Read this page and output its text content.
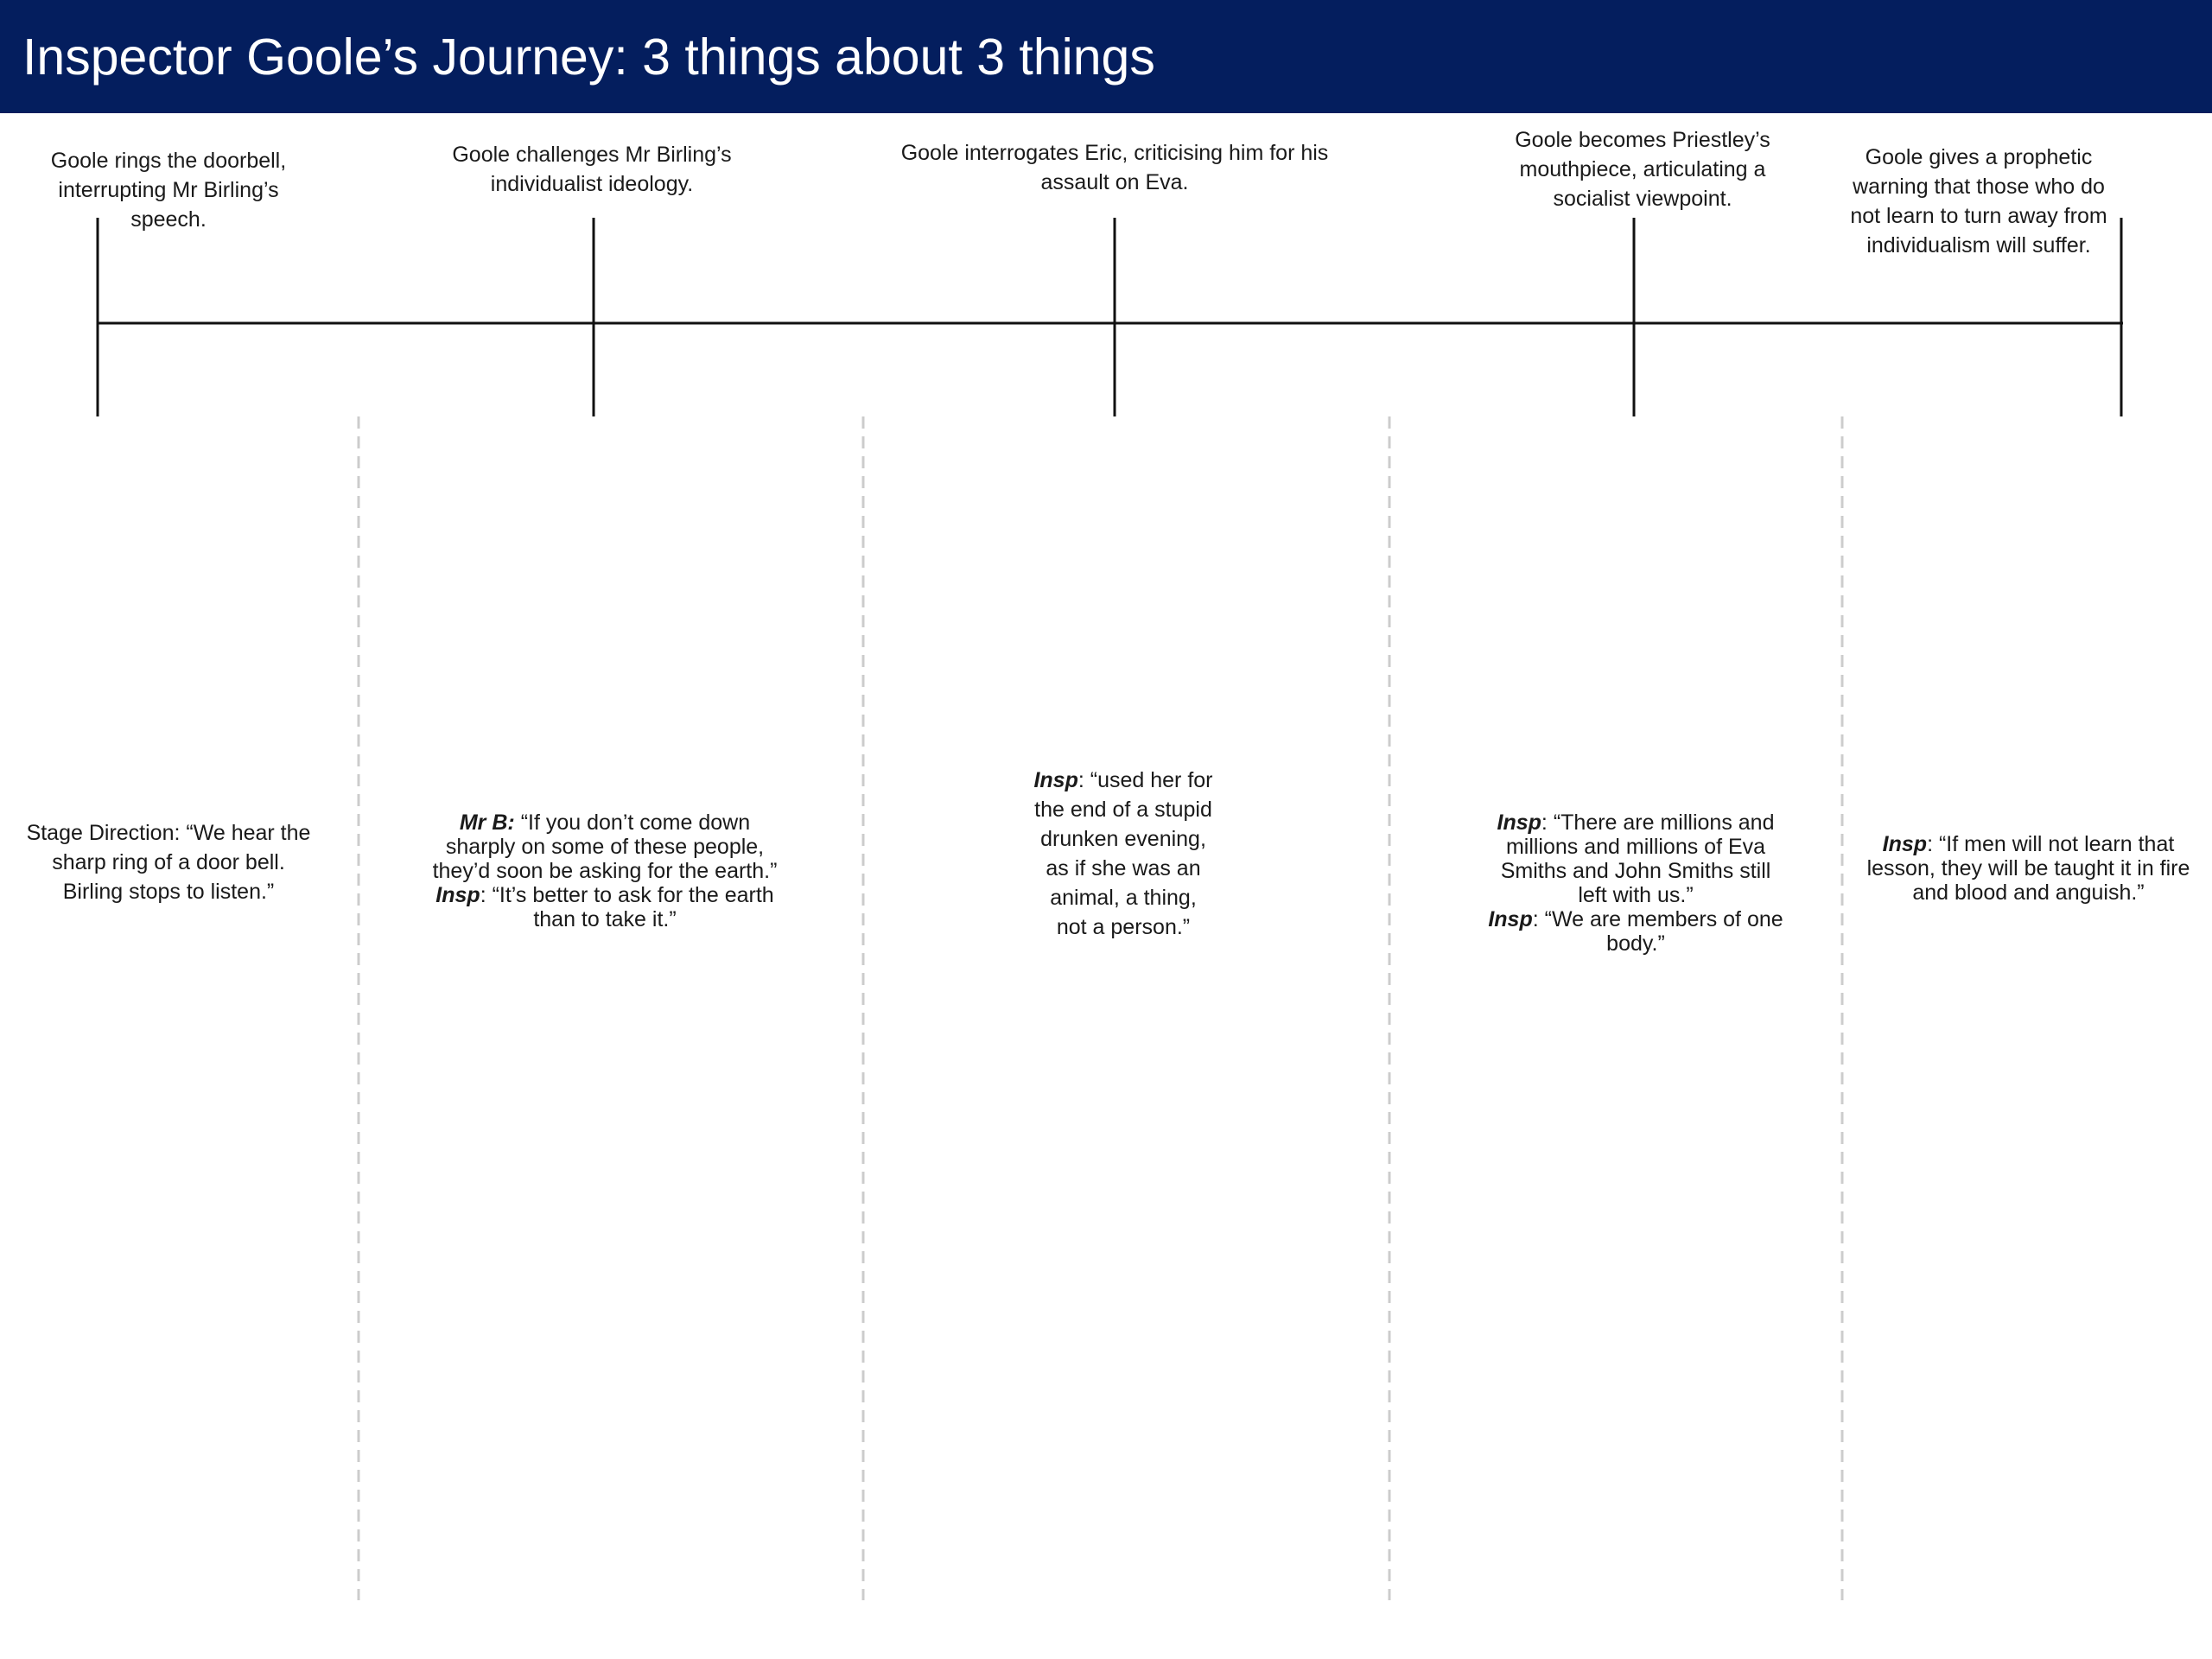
Inspector Goole’s Journey: 3 things about 3 things
Goole rings the doorbell, interrupting Mr Birling’s speech.
Goole challenges Mr Birling’s individualist ideology.
Goole interrogates Eric, criticising him for his assault on Eva.
Goole becomes Priestley’s mouthpiece, articulating a socialist viewpoint.
Goole gives a prophetic warning that those who do not learn to turn away from individualism will suffer.
Stage Direction: “We hear the sharp ring of a door bell. Birling stops to listen.”
Mr B: “If you don’t come down sharply on some of these people, they’d soon be asking for the earth.”
Insp: “It’s better to ask for the earth than to take it.”
Insp: “used her for the end of a stupid drunken evening, as if she was an animal, a thing, not a person.”
Insp: “There are millions and millions and millions of Eva Smiths and John Smiths still left with us.”
Insp: “We are members of one body.”
Insp: “If men will not learn that lesson, they will be taught it in fire and blood and anguish.”
